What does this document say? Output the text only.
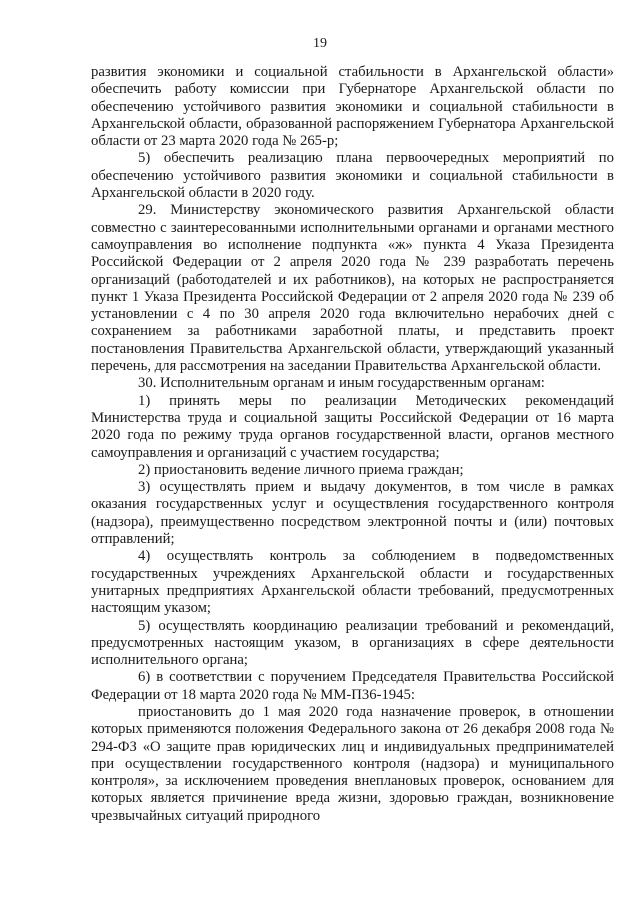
19

развития экономики и социальной стабильности в Архангельской области» обеспечить работу комиссии при Губернаторе Архангельской области по обеспечению устойчивого развития экономики и социальной стабильности в Архангельской области, образованной распоряжением Губернатора Архангельской области от 23 марта 2020 года № 265-р;

5) обеспечить реализацию плана первоочередных мероприятий по обеспечению устойчивого развития экономики и социальной стабильности в Архангельской области в 2020 году.

29. Министерству экономического развития Архангельской области совместно с заинтересованными исполнительными органами и органами местного самоуправления во исполнение подпункта «ж» пункта 4 Указа Президента Российской Федерации от 2 апреля 2020 года № 239 разработать перечень организаций (работодателей и их работников), на которых не распространяется пункт 1 Указа Президента Российской Федерации от 2 апреля 2020 года № 239 об установлении с 4 по 30 апреля 2020 года включительно нерабочих дней с сохранением за работниками заработной платы, и представить проект постановления Правительства Архангельской области, утверждающий указанный перечень, для рассмотрения на заседании Правительства Архангельской области.

30. Исполнительным органам и иным государственным органам:

1) принять меры по реализации Методических рекомендаций Министерства труда и социальной защиты Российской Федерации от 16 марта 2020 года по режиму труда органов государственной власти, органов местного самоуправления и организаций с участием государства;

2) приостановить ведение личного приема граждан;

3) осуществлять прием и выдачу документов, в том числе в рамках оказания государственных услуг и осуществления государственного контроля (надзора), преимущественно посредством электронной почты и (или) почтовых отправлений;

4) осуществлять контроль за соблюдением в подведомственных государственных учреждениях Архангельской области и государственных унитарных предприятиях Архангельской области требований, предусмотренных настоящим указом;

5) осуществлять координацию реализации требований и рекомендаций, предусмотренных настоящим указом, в организациях в сфере деятельности исполнительного органа;

6) в соответствии с поручением Председателя Правительства Российской Федерации от 18 марта 2020 года № ММ-П36-1945:

приостановить до 1 мая 2020 года назначение проверок, в отношении которых применяются положения Федерального закона от 26 декабря 2008 года № 294-ФЗ «О защите прав юридических лиц и индивидуальных предпринимателей при осуществлении государственного контроля (надзора) и муниципального контроля», за исключением проведения внеплановых проверок, основанием для которых является причинение вреда жизни, здоровью граждан, возникновение чрезвычайных ситуаций природного
